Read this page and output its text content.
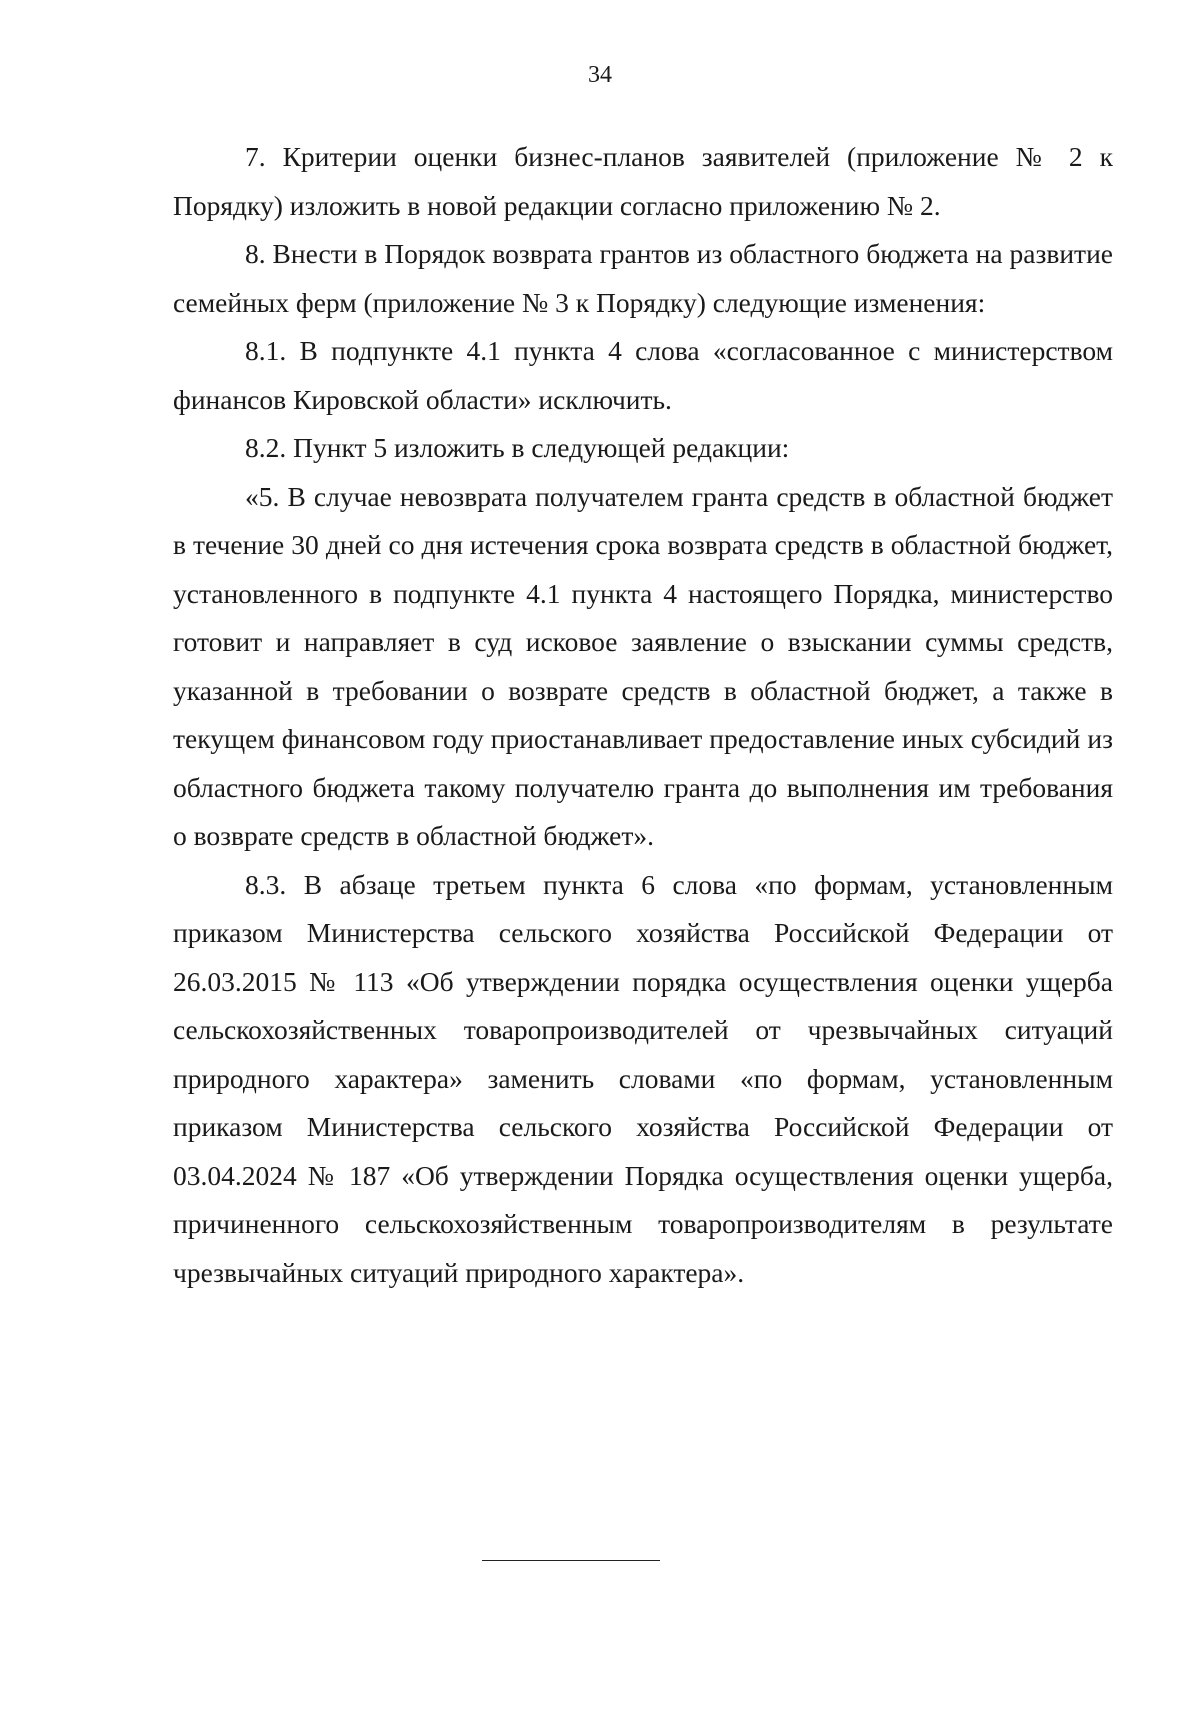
34

7. Критерии оценки бизнес-планов заявителей (приложение № 2 к Порядку) изложить в новой редакции согласно приложению № 2.

8. Внести в Порядок возврата грантов из областного бюджета на развитие семейных ферм (приложение № 3 к Порядку) следующие изменения:

8.1. В подпункте 4.1 пункта 4 слова «согласованное с министерством финансов Кировской области» исключить.

8.2. Пункт 5 изложить в следующей редакции:

«5. В случае невозврата получателем гранта средств в областной бюджет в течение 30 дней со дня истечения срока возврата средств в областной бюджет, установленного в подпункте 4.1 пункта 4 настоящего Порядка, министерство готовит и направляет в суд исковое заявление о взыскании суммы средств, указанной в требовании о возврате средств в областной бюджет, а также в текущем финансовом году приостанавливает предоставление иных субсидий из областного бюджета такому получателю гранта до выполнения им требования о возврате средств в областной бюджет».

8.3. В абзаце третьем пункта 6 слова «по формам, установленным приказом Министерства сельского хозяйства Российской Федерации от 26.03.2015 № 113 «Об утверждении порядка осуществления оценки ущерба сельскохозяйственных товаропроизводителей от чрезвычайных ситуаций природного характера» заменить словами «по формам, установленным приказом Министерства сельского хозяйства Российской Федерации от 03.04.2024 № 187 «Об утверждении Порядка осуществления оценки ущерба, причиненного сельскохозяйственным товаропроизводителям в результате чрезвычайных ситуаций природного характера».
